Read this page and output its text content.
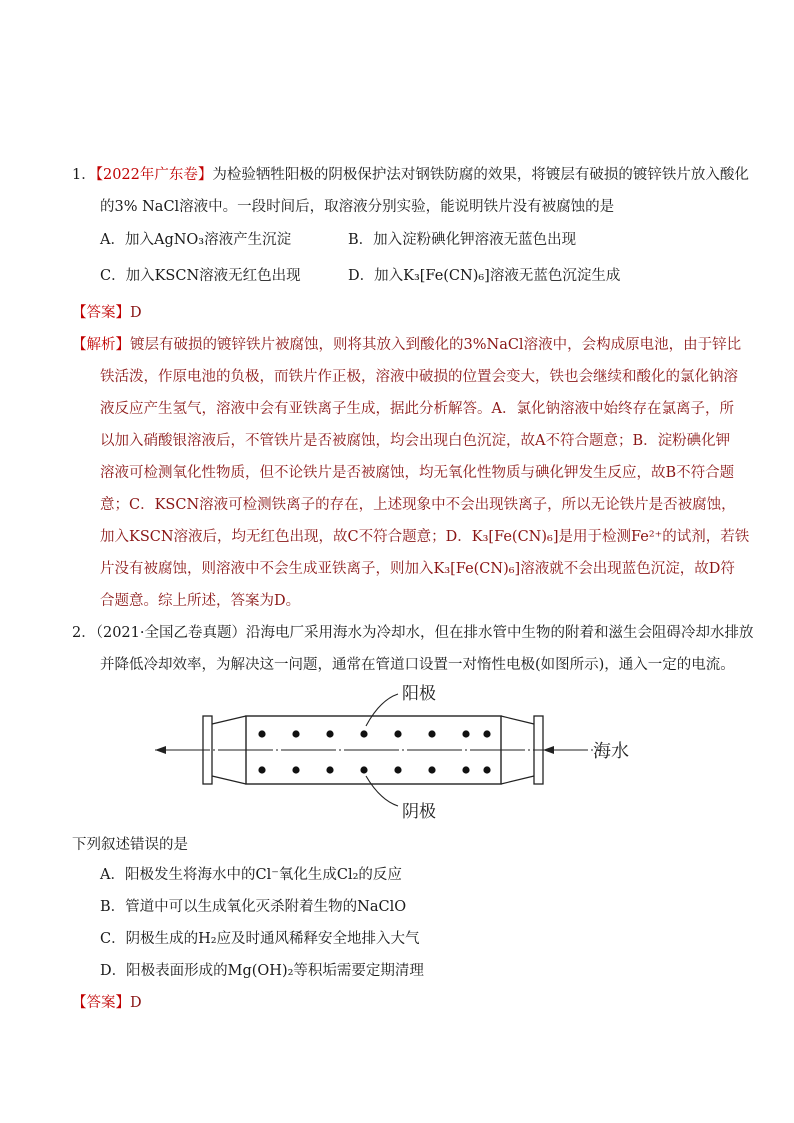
1．【2022年广东卷】为检验牺牲阳极的阴极保护法对钢铁防腐的效果，将镀层有破损的镀锌铁片放入酸化
的3% NaCl溶液中。一段时间后，取溶液分别实验，能说明铁片没有被腐蚀的是
A．加入AgNO₃溶液产生沉淀	B．加入淀粉碘化钾溶液无蓝色出现
C．加入KSCN溶液无红色出现	D．加入K₃[Fe(CN)₆]溶液无蓝色沉淀生成
【答案】D
【解析】镀层有破损的镀锌铁片被腐蚀，则将其放入到酸化的3%NaCl溶液中，会构成原电池，由于锌比
铁活泼，作原电池的负极，而铁片作正极，溶液中破损的位置会变大，铁也会继续和酸化的氯化钠溶
液反应产生氢气，溶液中会有亚铁离子生成，据此分析解答。A．氯化钠溶液中始终存在氯离子，所
以加入硝酸银溶液后，不管铁片是否被腐蚀，均会出现白色沉淀，故A不符合题意；B．淀粉碘化钾
溶液可检测氧化性物质，但不论铁片是否被腐蚀，均无氧化性物质与碘化钾发生反应，故B不符合题
意；C．KSCN溶液可检测铁离子的存在，上述现象中不会出现铁离子，所以无论铁片是否被腐蚀，
加入KSCN溶液后，均无红色出现，故C不符合题意；D．K₃[Fe(CN)₆]是用于检测Fe²⁺的试剂，若铁
片没有被腐蚀，则溶液中不会生成亚铁离子，则加入K₃[Fe(CN)₆]溶液就不会出现蓝色沉淀，故D符
合题意。综上所述，答案为D。
2．（2021·全国乙卷真题）沿海电厂采用海水为冷却水，但在排水管中生物的附着和滋生会阻碍冷却水排放
并降低冷却效率，为解决这一问题，通常在管道口设置一对惰性电极(如图所示)，通入一定的电流。
阳极
阴极
海水
下列叙述错误的是
A．阳极发生将海水中的Cl⁻氧化生成Cl₂的反应
B．管道中可以生成氧化灭杀附着生物的NaClO
C．阴极生成的H₂应及时通风稀释安全地排入大气
D．阳极表面形成的Mg(OH)₂等积垢需要定期清理
【答案】D
